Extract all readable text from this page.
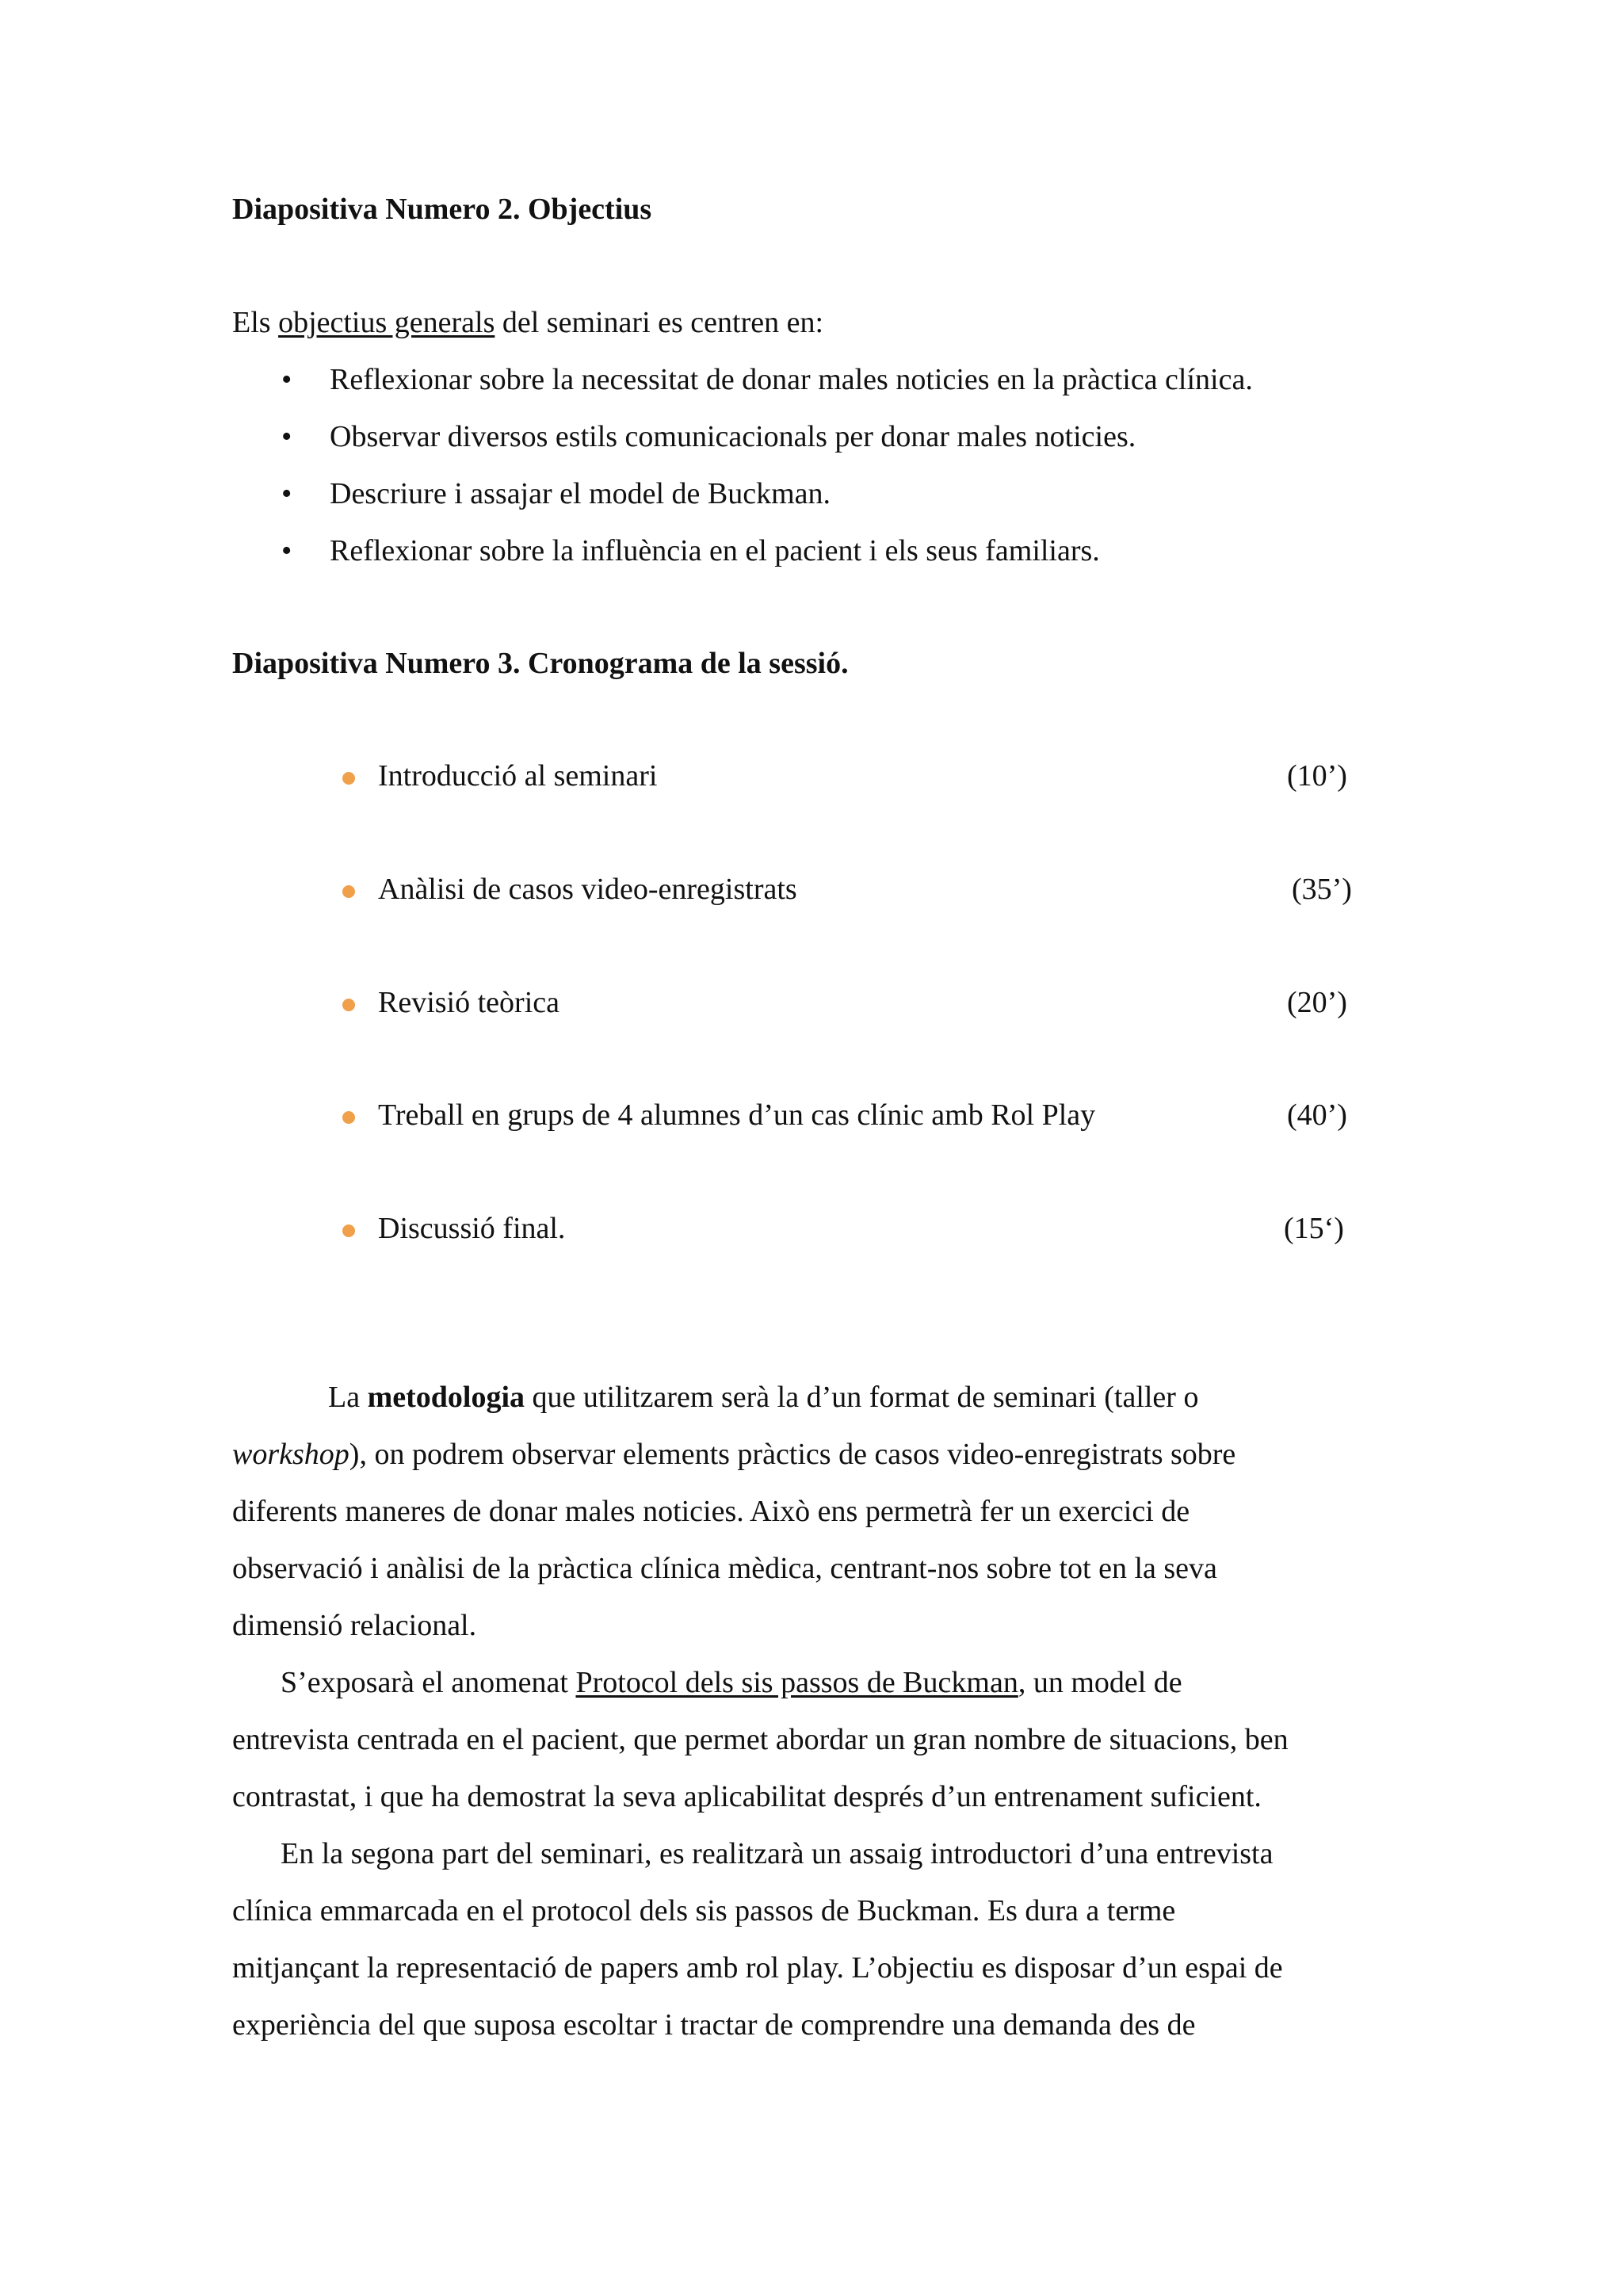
Diapositiva Numero 2. Objectius
Els objectius generals del seminari es centren en:
• Reflexionar sobre la necessitat de donar males noticies en la pràctica clínica.
• Observar diversos estils comunicacionals per donar males noticies.
• Descriure i assajar el model de Buckman.
• Reflexionar sobre la influència en el pacient i els seus familiars.
Diapositiva Numero 3. Cronograma de la sessió.
Introducció al seminari	(10’)
Anàlisi de casos video-enregistrats	(35’)
Revisió teòrica	(20’)
Treball en grups de 4 alumnes d’un cas clínic amb Rol Play	(40’)
Discussió final.	(15‘)
La metodologia que utilitzarem serà la d’un format de seminari (taller o
workshop), on podrem observar elements pràctics de casos video-enregistrats sobre
diferents maneres de donar males noticies. Això ens permetrà fer un exercici de
observació i anàlisi de la pràctica clínica mèdica, centrant-nos sobre tot en la seva
dimensió relacional.
S’exposarà el anomenat Protocol dels sis passos de Buckman, un model de
entrevista centrada en el pacient, que permet abordar un gran nombre de situacions, ben
contrastat, i que ha demostrat la seva aplicabilitat després d’un entrenament suficient.
En la segona part del seminari, es realitzarà un assaig introductori d’una entrevista
clínica emmarcada en el protocol dels sis passos de Buckman. Es dura a terme
mitjançant la representació de papers amb rol play. L’objectiu es disposar d’un espai de
experiència del que suposa escoltar i tractar de comprendre una demanda des de
